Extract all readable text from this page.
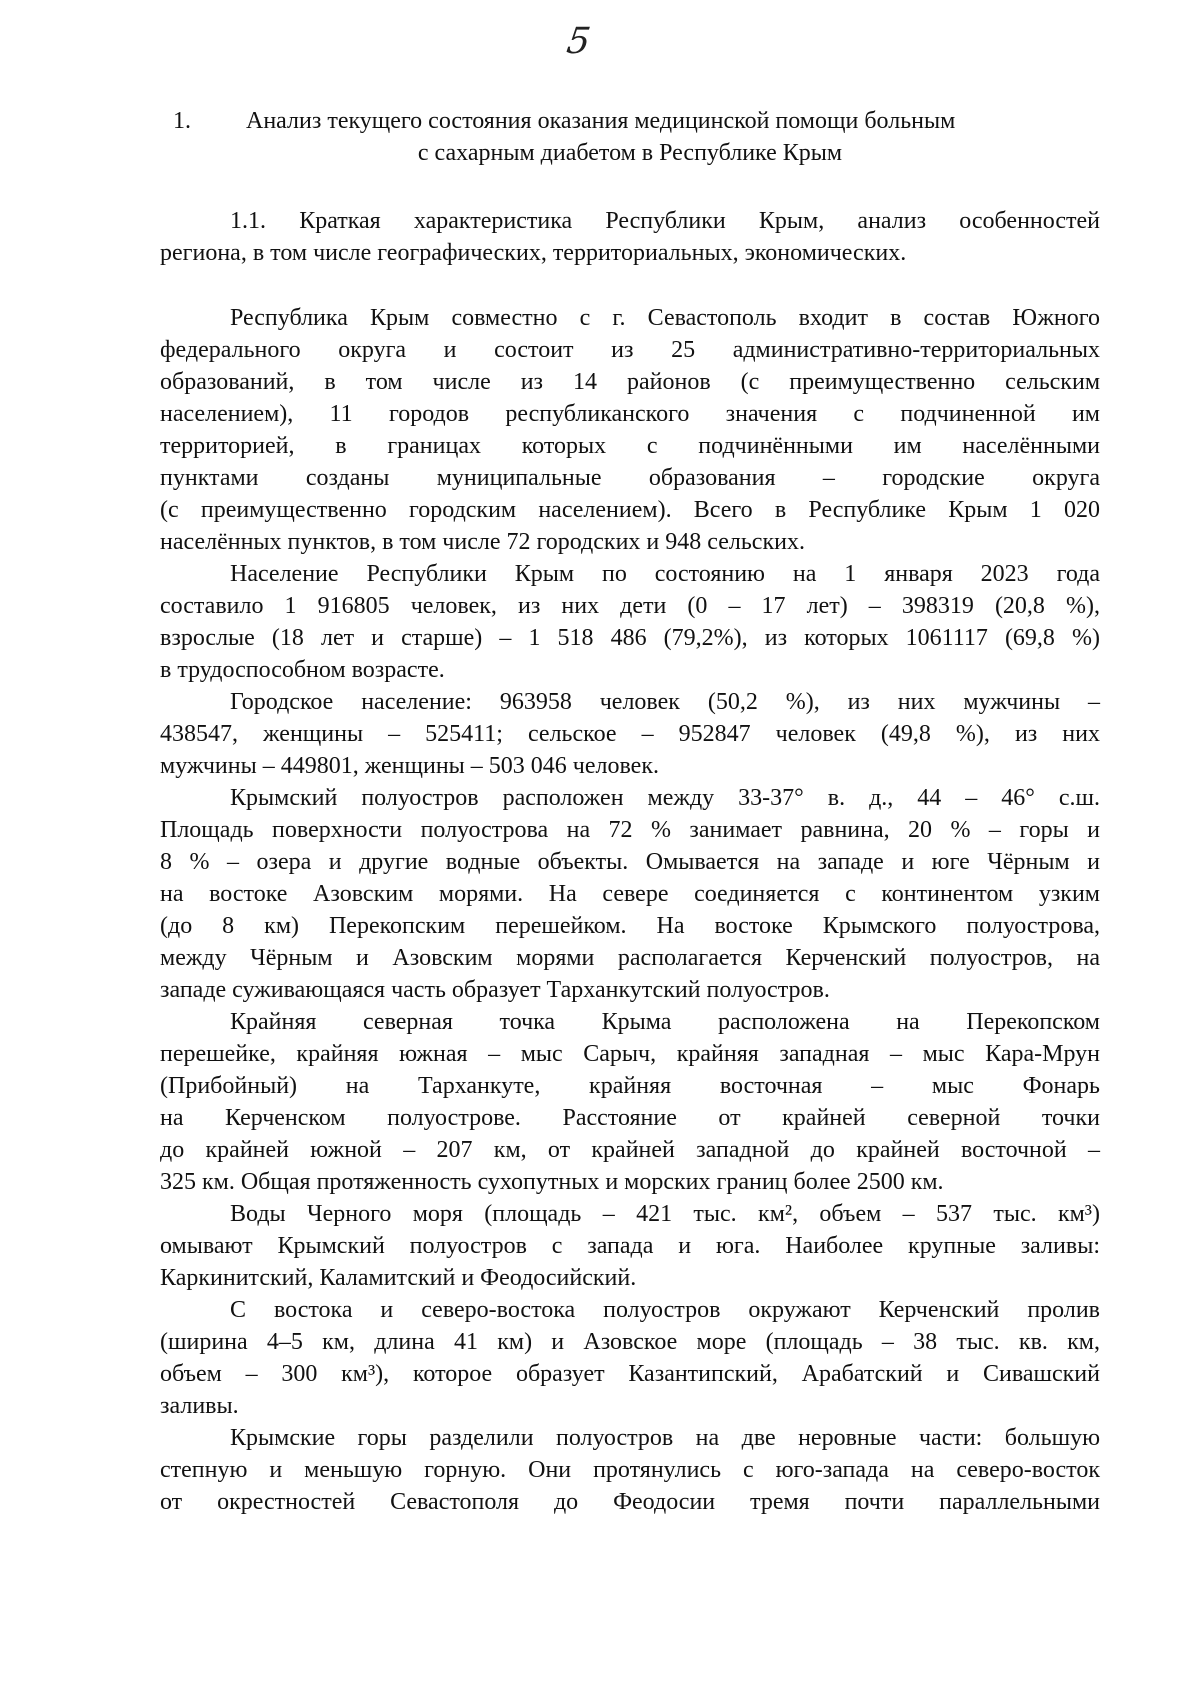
5
1. Анализ текущего состояния оказания медицинской помощи больным
с сахарным диабетом в Республике Крым
1.1. Краткая характеристика Республики Крым, анализ особенностей
региона, в том числе географических, территориальных, экономических.
Республика Крым совместно с г. Севастополь входит в состав Южного
федерального округа и состоит из 25 административно-территориальных
образований, в том числе из 14 районов (с преимущественно сельским
населением), 11 городов республиканского значения с подчиненной им
территорией, в границах которых с подчинёнными им населёнными
пунктами созданы муниципальные образования – городские округа
(с преимущественно городским населением). Всего в Республике Крым 1 020
населённых пунктов, в том числе 72 городских и 948 сельских.
Население Республики Крым по состоянию на 1 января 2023 года
составило 1 916805 человек, из них дети (0 – 17 лет) – 398319 (20,8 %),
взрослые (18 лет и старше) – 1 518 486 (79,2%), из которых 1061117 (69,8 %)
в трудоспособном возрасте.
Городское население: 963958 человек (50,2 %), из них мужчины –
438547, женщины – 525411; сельское – 952847 человек (49,8 %), из них
мужчины – 449801, женщины – 503 046 человек.
Крымский полуостров расположен между 33-37° в. д., 44 – 46° с.ш.
Площадь поверхности полуострова на 72 % занимает равнина, 20 % – горы и
8 % – озера и другие водные объекты. Омывается на западе и юге Чёрным и
на востоке Азовским морями. На севере соединяется с континентом узким
(до 8 км) Перекопским перешейком. На востоке Крымского полуострова,
между Чёрным и Азовским морями располагается Керченский полуостров, на
западе суживающаяся часть образует Тарханкутский полуостров.
Крайняя северная точка Крыма расположена на Перекопском
перешейке, крайняя южная – мыс Сарыч, крайняя западная – мыс Кара-Мрун
(Прибойный) на Тарханкуте, крайняя восточная – мыс Фонарь
на Керченском полуострове. Расстояние от крайней северной точки
до крайней южной – 207 км, от крайней западной до крайней восточной –
325 км. Общая протяженность сухопутных и морских границ более 2500 км.
Воды Черного моря (площадь – 421 тыс. км², объем – 537 тыс. км³)
омывают Крымский полуостров с запада и юга. Наиболее крупные заливы:
Каркинитский, Каламитский и Феодосийский.
С востока и северо-востока полуостров окружают Керченский пролив
(ширина 4–5 км, длина 41 км) и Азовское море (площадь – 38 тыс. кв. км,
объем – 300 км³), которое образует Казантипский, Арабатский и Сивашский
заливы.
Крымские горы разделили полуостров на две неровные части: большую
степную и меньшую горную. Они протянулись с юго-запада на северо-восток
от окрестностей Севастополя до Феодосии тремя почти параллельными
